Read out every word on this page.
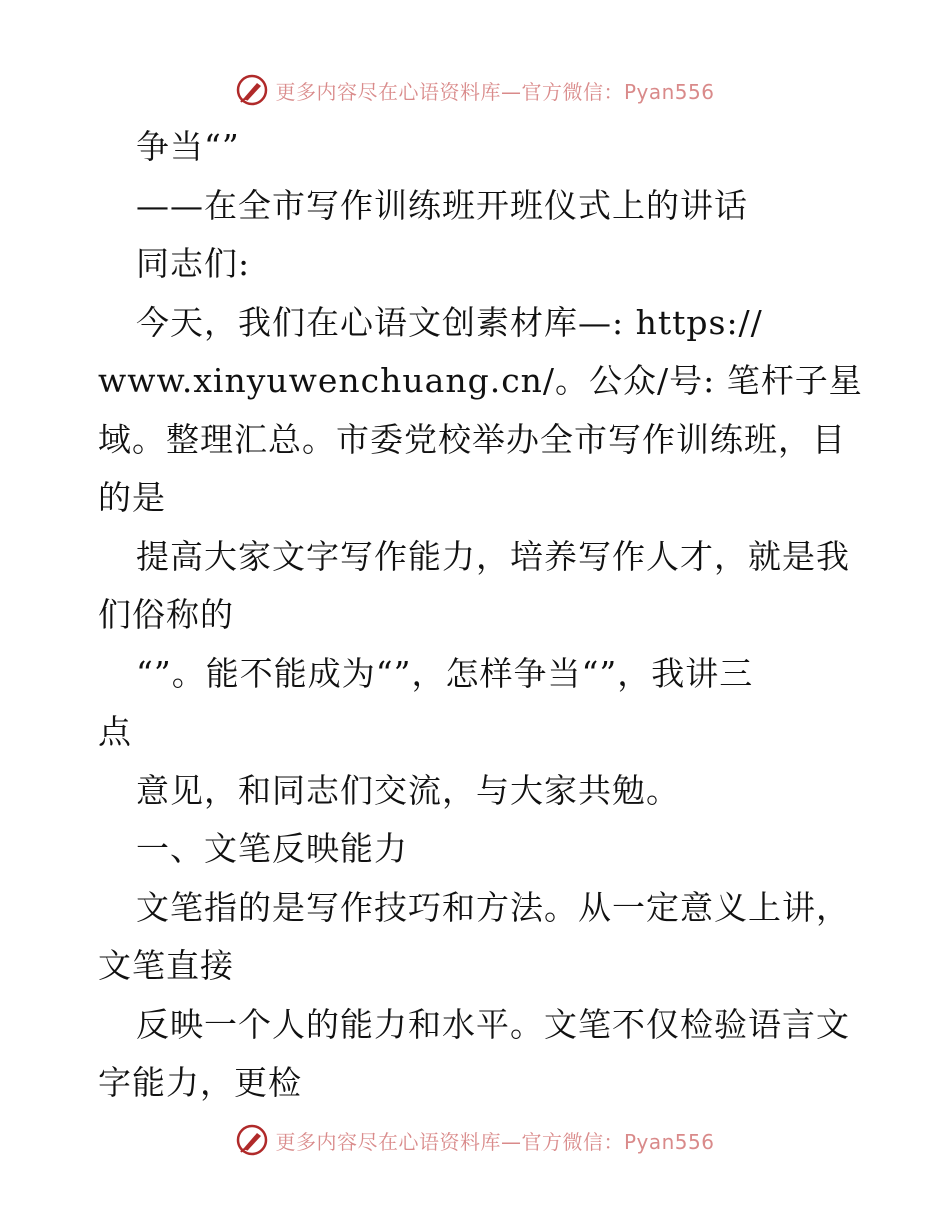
更多内容尽在心语资料库—官方微信：Pyan556
争当“”
——在全市写作训练班开班仪式上的讲话
同志们:
今天，我们在心语文创素材库—: https://
www.xinyuwenchuang.cn/。公众/号: 笔杆子星
域。整理汇总。市委党校举办全市写作训练班，目
的是
提高大家文字写作能力，培养写作人才，就是我
们俗称的
“”。能不能成为“”，怎样争当“”，我讲三
点
意见，和同志们交流，与大家共勉。
一、文笔反映能力
文笔指的是写作技巧和方法。从一定意义上讲，
文笔直接
反映一个人的能力和水平。文笔不仅检验语言文
字能力，更检
更多内容尽在心语资料库—官方微信：Pyan556
